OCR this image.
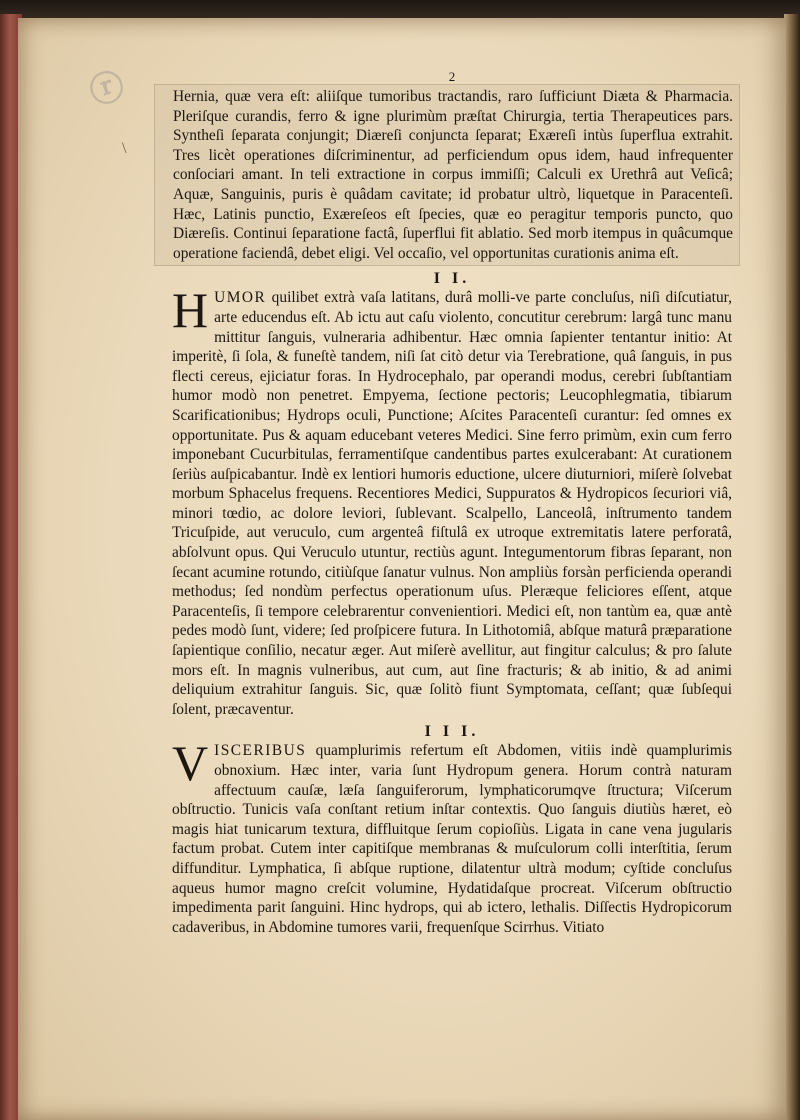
ⓡ
\
2

Hernia, quæ vera eſt: aliiſque tumoribus tractandis, raro ſufficiunt Diæta & Pharmacia. Pleriſque curandis, ferro & igne plurimùm præſtat Chirurgia, tertia Therapeutices pars. Syntheſi ſeparata conjungit; Diæreſi conjuncta ſeparat; Exæreſi intùs ſuperflua extrahit. Tres licèt operationes diſcriminentur, ad perficiendum opus idem, haud infrequenter conſociari amant. In teli extractione in corpus immiſſi; Calculi ex Urethrâ aut Veſicâ; Aquæ, Sanguinis, puris è quâdam cavitate; id probatur ultrò, liquetque in Paracenteſi. Hæc, Latinis punctio, Exæreſeos eſt ſpecies, quæ eo peragitur temporis puncto, quo Diæreſis. Continui ſeparatione factâ, ſuperflui fit ablatio. Sed morb itempus in quâcumque operatione faciendâ, debet eligi. Vel occaſio, vel opportunitas curationis anima eſt.

I I.

HUMOR quilibet extrà vaſa latitans, durâ molli-ve parte concluſus, niſi diſcutiatur, arte educendus eſt. Ab ictu aut caſu violento, concutitur cerebrum: largâ tunc manu mittitur ſanguis, vulneraria adhibentur. Hæc omnia ſapienter tentantur initio: At imperitè, ſi ſola, & funeſtè tandem, niſi ſat citò detur via Terebratione, quâ ſanguis, in pus flecti cereus, ejiciatur foras. In Hydrocephalo, par operandi modus, cerebri ſubſtantiam humor modò non penetret. Empyema, ſectione pectoris; Leucophlegmatia, tibiarum Scarificationibus; Hydrops oculi, Punctione; Aſcites Paracenteſi curantur: ſed omnes ex opportunitate. Pus & aquam educebant veteres Medici. Sine ferro primùm, exin cum ferro imponebant Cucurbitulas, ferramentiſque candentibus partes exulcerabant: At curationem ſeriùs auſpicabantur. Indè ex lentiori humoris eductione, ulcere diuturniori, miſerè ſolvebat morbum Sphacelus frequens. Recentiores Medici, Suppuratos & Hydropicos ſecuriori viâ, minori tœdio, ac dolore leviori, ſublevant. Scalpello, Lanceolâ, inſtrumento tandem Tricuſpide, aut veruculo, cum argenteâ fiſtulâ ex utroque extremitatis latere perforatâ, abſolvunt opus. Qui Veruculo utuntur, rectiùs agunt. Integumentorum fibras ſeparant, non ſecant acumine rotundo, citiùſque ſanatur vulnus. Non ampliùs forsàn perficienda operandi methodus; ſed nondùm perfectus operationum uſus. Pleræque feliciores eſſent, atque Paracenteſis, ſi tempore celebrarentur convenientiori. Medici eſt, non tantùm ea, quæ antè pedes modò ſunt, videre; ſed proſpicere futura. In Lithotomiâ, abſque maturâ præparatione ſapientique conſilio, necatur æger. Aut miſerè avellitur, aut fingitur calculus; & pro ſalute mors eſt. In magnis vulneribus, aut cum, aut ſine fracturis; & ab initio, & ad animi deliquium extrahitur ſanguis. Sic, quæ ſolitò fiunt Symptomata, ceſſant; quæ ſubſequi ſolent, præcaventur.

I I I.

VISCERIBUS quamplurimis refertum eſt Abdomen, vitiis indè quamplurimis obnoxium. Hæc inter, varia ſunt Hydropum genera. Horum contrà naturam affectuum cauſæ, læſa ſanguiferorum, lymphaticorumqve ſtructura; Viſcerum obſtructio. Tunicis vaſa conſtant retium inſtar contextis. Quo ſanguis diutiùs hæret, eò magis hiat tunicarum textura, diffluitque ſerum copioſiùs. Ligata in cane vena jugularis factum probat. Cutem inter capitiſque membranas & muſculorum colli interſtitia, ſerum diffunditur. Lymphatica, ſi abſque ruptione, dilatentur ultrà modum; cyſtide concluſus aqueus humor magno creſcit volumine, Hydatidaſque procreat. Viſcerum obſtructio impedimenta parit ſanguini. Hinc hydrops, qui ab ictero, lethalis. Diſſectis Hydropicorum cadaveribus, in Abdomine tumores varii, frequenſque Scirrhus. Vitiato
